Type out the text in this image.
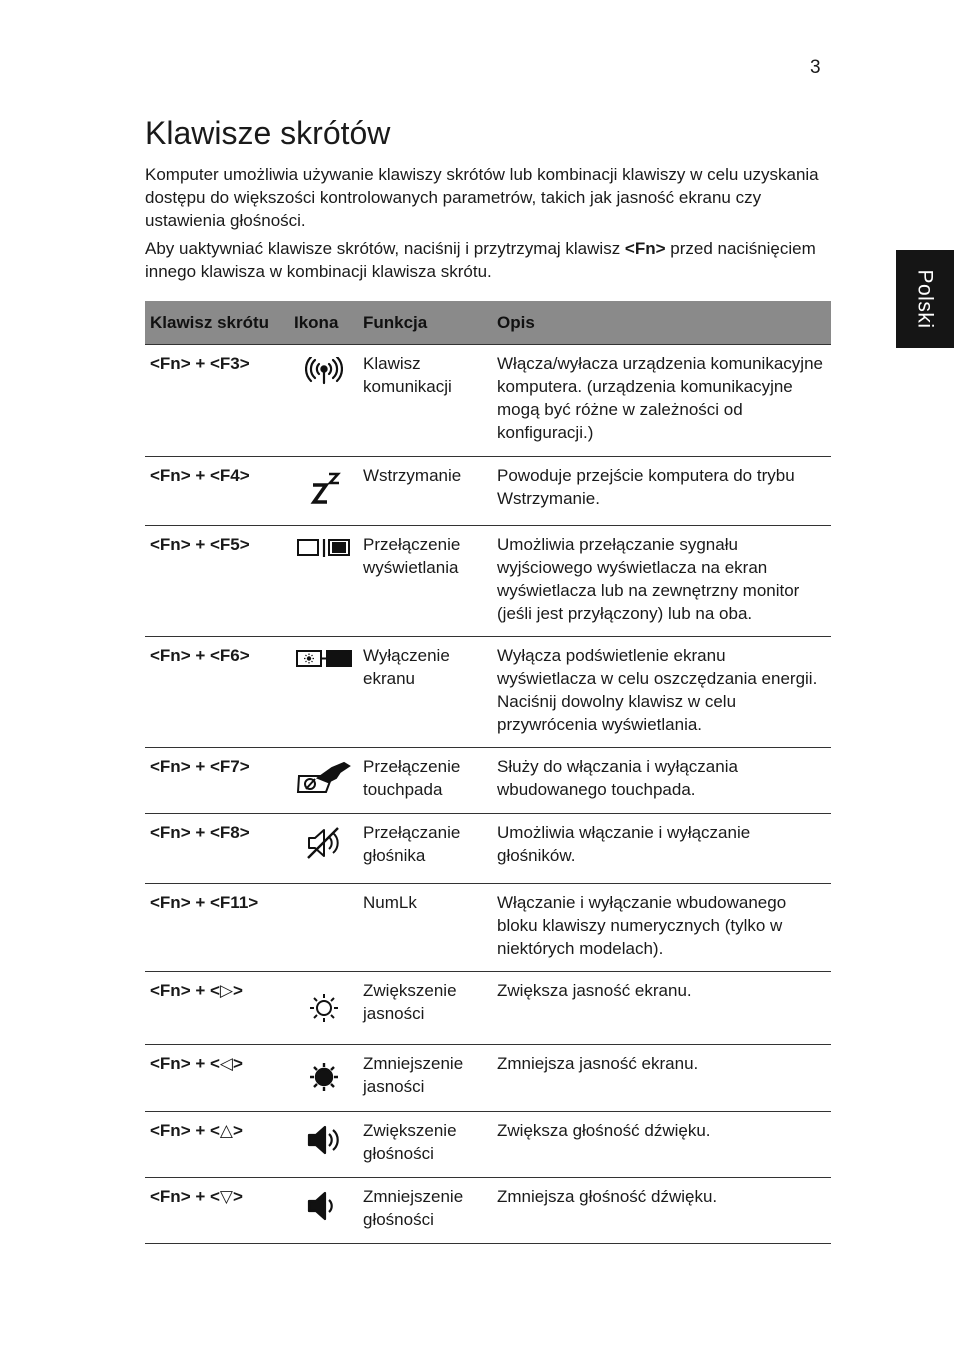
3
Polski
Klawisze skrótów

Komputer umożliwia używanie klawiszy skrótów lub kombinacji klawiszy w celu uzyskania dostępu do większości kontrolowanych parametrów, takich jak jasność ekranu czy ustawienia głośności.

Aby uaktywniać klawisze skrótów, naciśnij i przytrzymaj klawisz <Fn> przed naciśnięciem innego klawisza w kombinacji klawisza skrótu.

Klawisz skrótu	Ikona	Funkcja	Opis
<Fn> + <F3>		Klawisz komunikacji	Włącza/wyłacza urządzenia komunikacyjne komputera. (urządzenia komunikacyjne mogą być różne w zależności od konfiguracji.)
<Fn> + <F4>		Wstrzymanie	Powoduje przejście komputera do trybu Wstrzymanie.
<Fn> + <F5>		Przełączenie wyświetlania	Umożliwia przełączanie sygnału wyjściowego wyświetlacza na ekran wyświetlacza lub na zewnętrzny monitor (jeśli jest przyłączony) lub na oba.
<Fn> + <F6>		Wyłączenie ekranu	Wyłącza podświetlenie ekranu wyświetlacza w celu oszczędzania energii. Naciśnij dowolny klawisz w celu przywrócenia wyświetlania.
<Fn> + <F7>		Przełączenie touchpada	Służy do włączania i wyłączania wbudowanego touchpada.
<Fn> + <F8>		Przełączanie głośnika	Umożliwia włączanie i wyłączanie głośników.
<Fn> + <F11>		NumLk	Włączanie i wyłączanie wbudowanego bloku klawiszy numerycznych (tylko w niektórych modelach).
<Fn> + <▷>		Zwiększenie jasności	Zwiększa jasność ekranu.
<Fn> + <◁>		Zmniejszenie jasności	Zmniejsza jasność ekranu.
<Fn> + <△>		Zwiększenie głośności	Zwiększa głośność dźwięku.
<Fn> + <▽>		Zmniejszenie głośności	Zmniejsza głośność dźwięku.
